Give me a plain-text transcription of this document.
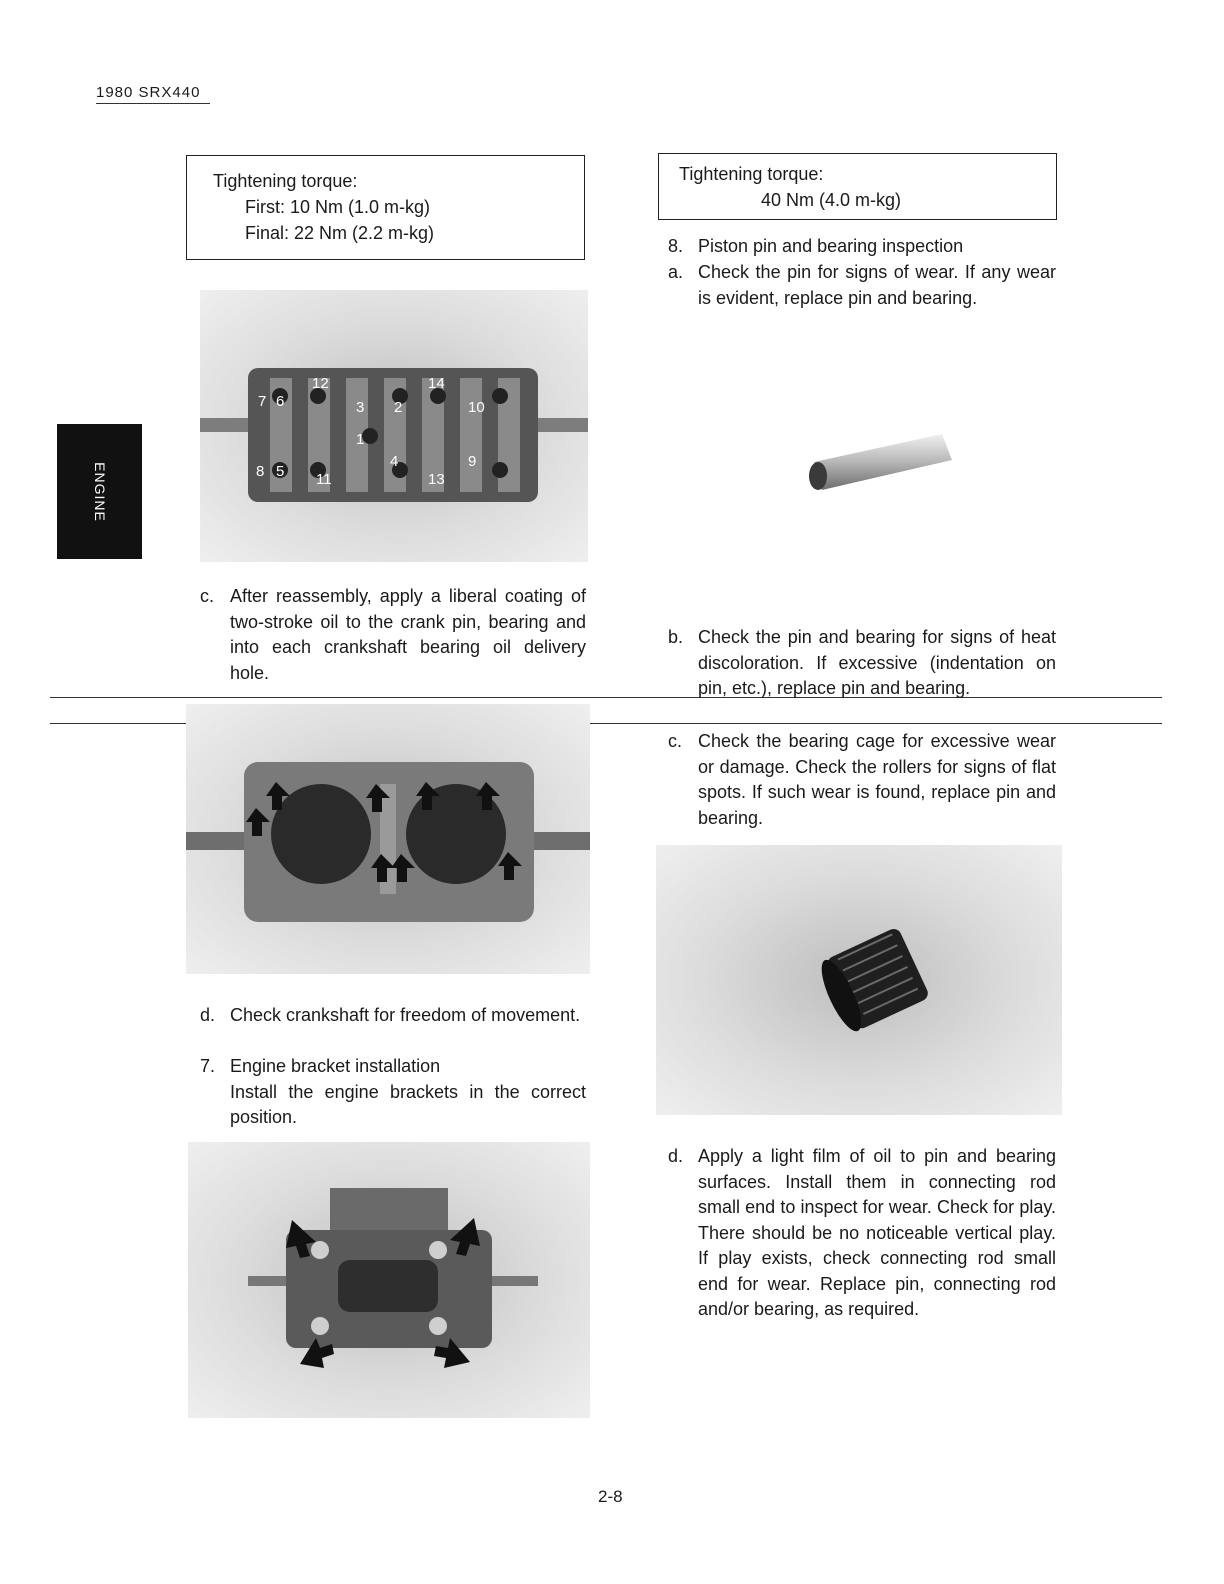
1980 SRX440
ENGINE
Tightening torque:
First: 10 Nm (1.0 m-kg)
Final: 22 Nm (2.2 m-kg)
12	14
7 6	3 2	10
8 5
1
4	9
11	13
c. After reassembly, apply a liberal coating of two-stroke oil to the crank pin, bearing and into each crankshaft bearing oil delivery hole.
d. Check crankshaft for freedom of movement.
7. Engine bracket installation
Install the engine brackets in the correct position.
Tightening torque:
40 Nm (4.0 m-kg)
8. Piston pin and bearing inspection
a. Check the pin for signs of wear. If any wear is evident, replace pin and bearing.
b. Check the pin and bearing for signs of heat discoloration. If excessive (indentation on pin, etc.), replace pin and bearing.
c. Check the bearing cage for excessive wear or damage. Check the rollers for signs of flat spots. If such wear is found, replace pin and bearing.
d. Apply a light film of oil to pin and bearing surfaces. Install them in connecting rod small end to inspect for wear. Check for play. There should be no noticeable vertical play. If play exists, check connecting rod small end for wear. Replace pin, connecting rod and/or bearing, as required.
2-8
